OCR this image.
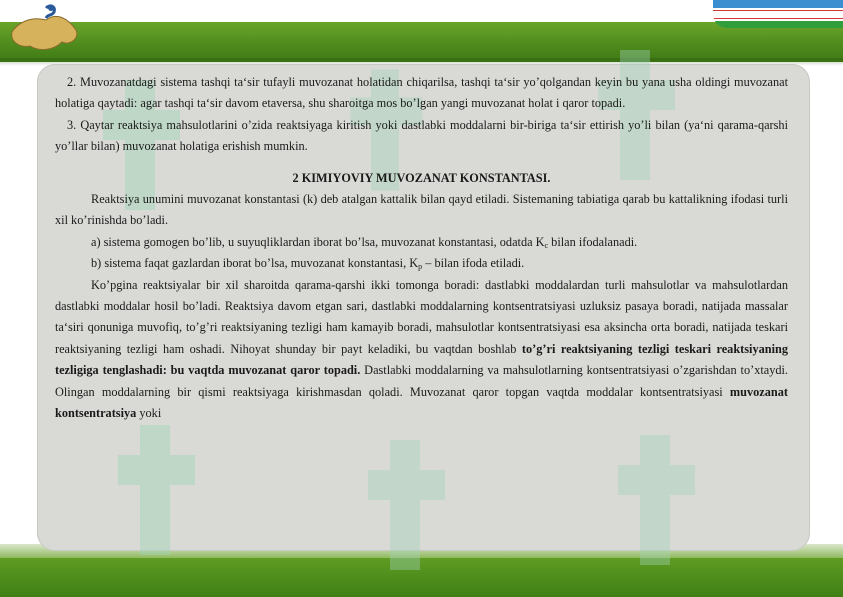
2. Muvozanatdagi sistema tashqi ta‘sir tufayli muvozanat holatidan chiqarilsa, tashqi ta‘sir yo’qolgandan keyin bu yana usha oldingi muvozanat holatiga qaytadi: agar tashqi ta‘sir davom etaversa, shu sharoitga mos bo’lgan yangi muvozanat holat i qaror topadi.

3. Qaytar reaktsiya mahsulotlarini o’zida reaktsiyaga kiritish yoki dastlabki moddalarni bir-biriga ta‘sir ettirish yo’li bilan (ya‘ni qarama-qarshi yo’llar bilan) muvozanat holatiga erishish mumkin.

2 KIMIYOVIY MUVOZANAT KONSTANTASI.

Reaktsiya unumini muvozanat konstantasi (k) deb atalgan kattalik bilan qayd etiladi. Sistemaning tabiatiga qarab bu kattalikning ifodasi turli xil ko’rinishda bo’ladi.

a) sistema gomogen bo’lib, u suyuqliklardan iborat bo’lsa, muvozanat konstantasi, odatda $K_c$ bilan ifodalanadi.

b) sistema faqat gazlardan iborat bo’lsa, muvozanat konstantasi, $K_p$ – bilan ifoda etiladi.

Ko’pgina reaktsiyalar bir xil sharoitda qarama-qarshi ikki tomonga boradi: dastlabki moddalardan turli mahsulotlar va mahsulotlardan dastlabki moddalar hosil bo’ladi. Reaktsiya davom etgan sari, dastlabki moddalarning kontsentratsiyasi uzluksiz pasaya boradi, natijada massalar ta‘siri qonuniga muvofiq, to’g’ri reaktsiyaning tezligi ham kamayib boradi, mahsulotlar kontsentratsiyasi esa aksincha orta boradi, natijada teskari reaktsiyaning tezligi ham oshadi. Nihoyat shunday bir payt keladiki, bu vaqtdan boshlab to’g’ri reaktsiyaning tezligi teskari reaktsiyaning tezligiga tenglashadi: bu vaqtda muvozanat qaror topadi. Dastlabki moddalarning va mahsulotlarning kontsentratsiyasi o’zgarishdan to’xtaydi. Olingan moddalarning bir qismi reaktsiyaga kirishmasdan qoladi. Muvozanat qaror topgan vaqtda moddalar kontsentratsiyasi muvozanat kontsentratsiya yoki
